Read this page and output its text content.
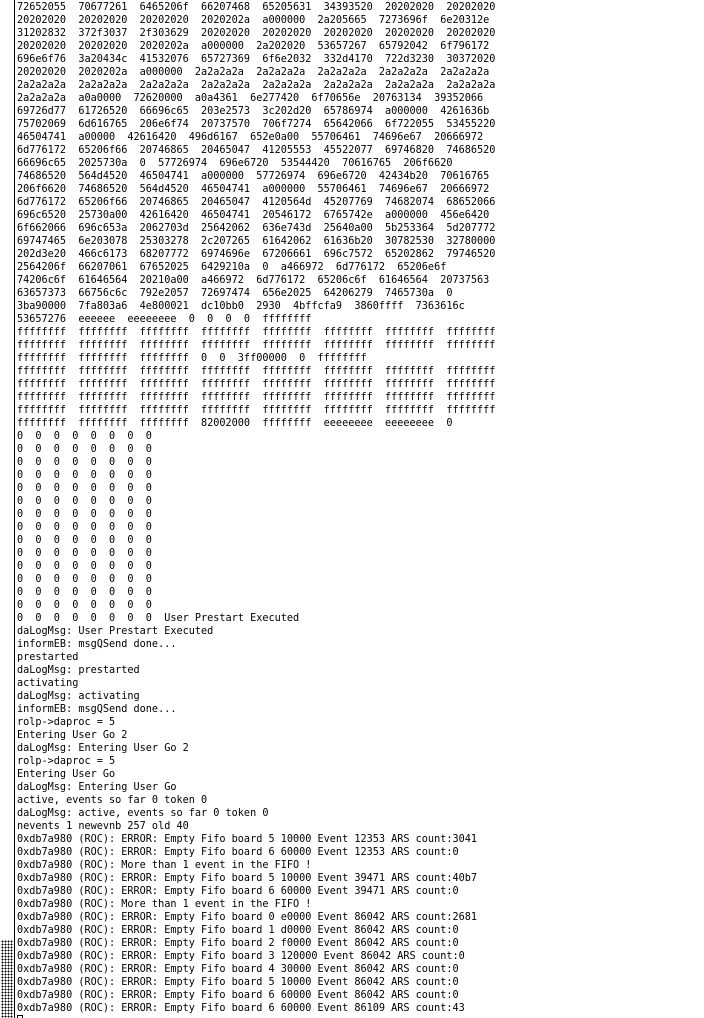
72652055  70677261  6465206f  66207468  65205631  34393520  20202020  20202020
20202020  20202020  20202020  2020202a  a000000  2a205665  7273696f  6e20312e
31202832  372f3037  2f303629  20202020  20202020  20202020  20202020  20202020
20202020  20202020  2020202a  a000000  2a202020  53657267  65792042  6f796172
696e6f76  3a20434c  41532076  65727369  6f6e2032  332d4170  722d3230  30372020
20202020  2020202a  a000000  2a2a2a2a  2a2a2a2a  2a2a2a2a  2a2a2a2a  2a2a2a2a
2a2a2a2a  2a2a2a2a  2a2a2a2a  2a2a2a2a  2a2a2a2a  2a2a2a2a  2a2a2a2a  2a2a2a2a
2a2a2a2a  a0a0000  72620000  a0a4361  6e277420  6f70656e  20763134  39352066
69726d77  61726520  66696c65  203e2573  3c202d20  65786974  a000000  4261636b
75702069  6d616765  206e6f74  20737570  706f7274  65642066  6f722055  53455220
46504741  a00000  42616420  496d6167  652e0a00  55706461  74696e67  20666972
6d776172  65206f66  20746865  20465047  41205553  45522077  69746820  74686520
66696c65  2025730a  0  57726974  696e6720  53544420  70616765  206f6620
74686520  564d4520  46504741  a000000  57726974  696e6720  42434b20  70616765
206f6620  74686520  564d4520  46504741  a000000  55706461  74696e67  20666972
6d776172  65206f66  20746865  20465047  4120564d  45207769  74682074  68652066
696c6520  25730a00  42616420  46504741  20546172  6765742e  a000000  456e6420
6f662066  696c653a  2062703d  25642062  636e743d  25640a00  5b253364  5d207772
69747465  6e203078  25303278  2c207265  61642062  61636b20  30782530  32780000
202d3e20  466c6173  68207772  6974696e  67206661  696c7572  65202862  79746520
2564206f  66207061  67652025  6429210a  0  a466972  6d776172  65206e6f
74206c6f  61646564  20210a00  a466972  6d776172  65206c6f  61646564  20737563
63657373  66756c6c  792e2057  72697474  656e2025  64206279  7465730a  0
3ba90000  7fa803a6  4e800021  dc10bb0  2930  4bffcfa9  3860ffff  7363616c
53657276  eeeeee  eeeeeeee  0  0  0  0  ffffffff
ffffffff  ffffffff  ffffffff  ffffffff  ffffffff  ffffffff  ffffffff  ffffffff
ffffffff  ffffffff  ffffffff  ffffffff  ffffffff  ffffffff  ffffffff  ffffffff
ffffffff  ffffffff  ffffffff  0  0  3ff00000  0  ffffffff
ffffffff  ffffffff  ffffffff  ffffffff  ffffffff  ffffffff  ffffffff  ffffffff
ffffffff  ffffffff  ffffffff  ffffffff  ffffffff  ffffffff  ffffffff  ffffffff
ffffffff  ffffffff  ffffffff  ffffffff  ffffffff  ffffffff  ffffffff  ffffffff
ffffffff  ffffffff  ffffffff  ffffffff  ffffffff  ffffffff  ffffffff  ffffffff
ffffffff  ffffffff  ffffffff  82002000  ffffffff  eeeeeeee  eeeeeeee  0
0  0  0  0  0  0  0  0
0  0  0  0  0  0  0  0
0  0  0  0  0  0  0  0
0  0  0  0  0  0  0  0
0  0  0  0  0  0  0  0
0  0  0  0  0  0  0  0
0  0  0  0  0  0  0  0
0  0  0  0  0  0  0  0
0  0  0  0  0  0  0  0
0  0  0  0  0  0  0  0
0  0  0  0  0  0  0  0
0  0  0  0  0  0  0  0
0  0  0  0  0  0  0  0
0  0  0  0  0  0  0  0
0  0  0  0  0  0  0  0  User Prestart Executed
daLogMsg: User Prestart Executed
informEB: msgQSend done...
prestarted
daLogMsg: prestarted
activating
daLogMsg: activating
informEB: msgQSend done...
rolp->daproc = 5
Entering User Go 2
daLogMsg: Entering User Go 2
rolp->daproc = 5
Entering User Go
daLogMsg: Entering User Go
active, events so far 0 token 0
daLogMsg: active, events so far 0 token 0
nevents 1 newevnb 257 old 40
0xdb7a980 (ROC): ERROR: Empty Fifo board 5 10000 Event 12353 ARS count:3041
0xdb7a980 (ROC): ERROR: Empty Fifo board 6 60000 Event 12353 ARS count:0
0xdb7a980 (ROC): More than 1 event in the FIFO !
0xdb7a980 (ROC): ERROR: Empty Fifo board 5 10000 Event 39471 ARS count:40b7
0xdb7a980 (ROC): ERROR: Empty Fifo board 6 60000 Event 39471 ARS count:0
0xdb7a980 (ROC): More than 1 event in the FIFO !
0xdb7a980 (ROC): ERROR: Empty Fifo board 0 e0000 Event 86042 ARS count:2681
0xdb7a980 (ROC): ERROR: Empty Fifo board 1 d0000 Event 86042 ARS count:0
0xdb7a980 (ROC): ERROR: Empty Fifo board 2 f0000 Event 86042 ARS count:0
0xdb7a980 (ROC): ERROR: Empty Fifo board 3 120000 Event 86042 ARS count:0
0xdb7a980 (ROC): ERROR: Empty Fifo board 4 30000 Event 86042 ARS count:0
0xdb7a980 (ROC): ERROR: Empty Fifo board 5 10000 Event 86042 ARS count:0
0xdb7a980 (ROC): ERROR: Empty Fifo board 6 60000 Event 86042 ARS count:0
0xdb7a980 (ROC): ERROR: Empty Fifo board 6 60000 Event 86109 ARS count:43
